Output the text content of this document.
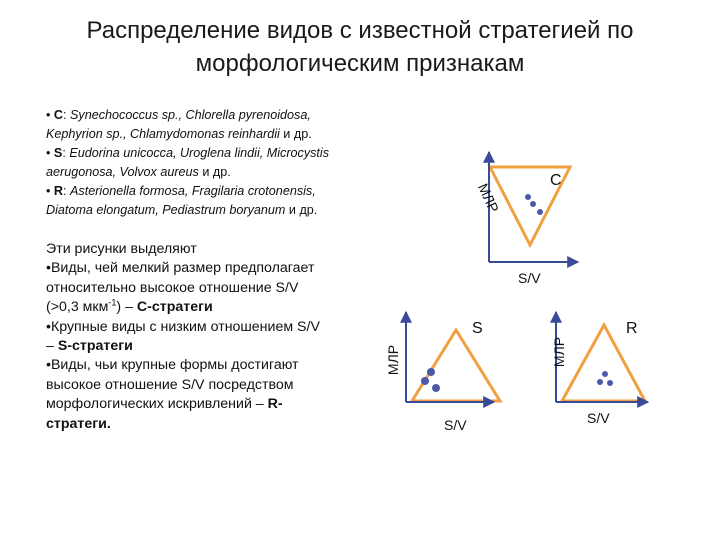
Распределение видов с известной стратегией по
морфологическим признакам
• C: Synechococcus sp., Chlorella pyrenoidosa,
Kephyrion sp., Chlamydomonas reinhardii и др.
• S: Eudorina unicocca, Uroglena lindii, Microcystis
aerugonosa, Volvox aureus и др.
• R: Asterionella formosa, Fragilaria crotonensis,
Diatoma elongatum, Pediastrum boryanum и др.
Эти рисунки выделяют
•Виды, чей мелкий размер предполагает
относительно высокое отношение S/V
(>0,3 мкм$^{-1}$) – C-стратеги
•Крупные виды с низким отношением S/V
– S-стратеги
•Виды, чьи крупные формы достигают
высокое отношение S/V посредством
морфологических искривлений – R-
стратеги.
МЛР
C
S/V
МЛР
S
S/V
МЛР
R
S/V
